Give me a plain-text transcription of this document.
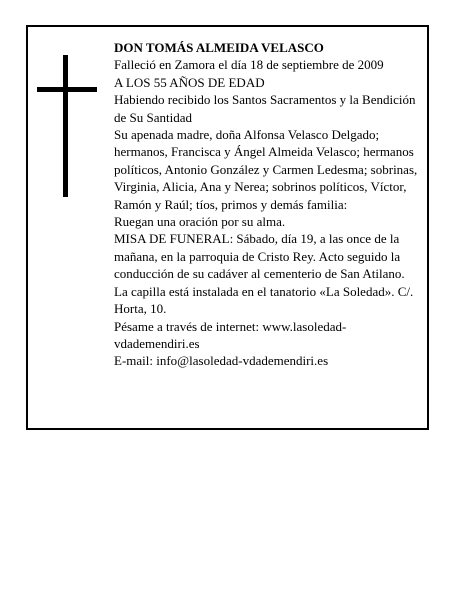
DON TOMÁS ALMEIDA VELASCO

Falleció en Zamora el día 18 de septiembre de 2009

A LOS 55 AÑOS DE EDAD

Habiendo recibido los Santos Sacramentos y la Bendición de Su Santidad

Su apenada madre, doña Alfonsa Velasco Delgado; hermanos, Francisca y Ángel Almeida Velasco; hermanos políticos, Antonio González y Carmen Ledesma; sobrinas, Virginia, Alicia, Ana y Nerea; sobrinos políticos, Víctor, Ramón y Raúl; tíos, primos y demás familia:

Ruegan una oración por su alma.

MISA DE FUNERAL: Sábado, día 19, a las once de la mañana, en la parroquia de Cristo Rey. Acto seguido la conducción de su cadáver al cementerio de San Atilano.

La capilla está instalada en el tanatorio «La Soledad». C/. Horta, 10.

Pésame a través de internet: www.lasoledad-vdademendiri.es

E-mail: info@lasoledad-vdademendiri.es
